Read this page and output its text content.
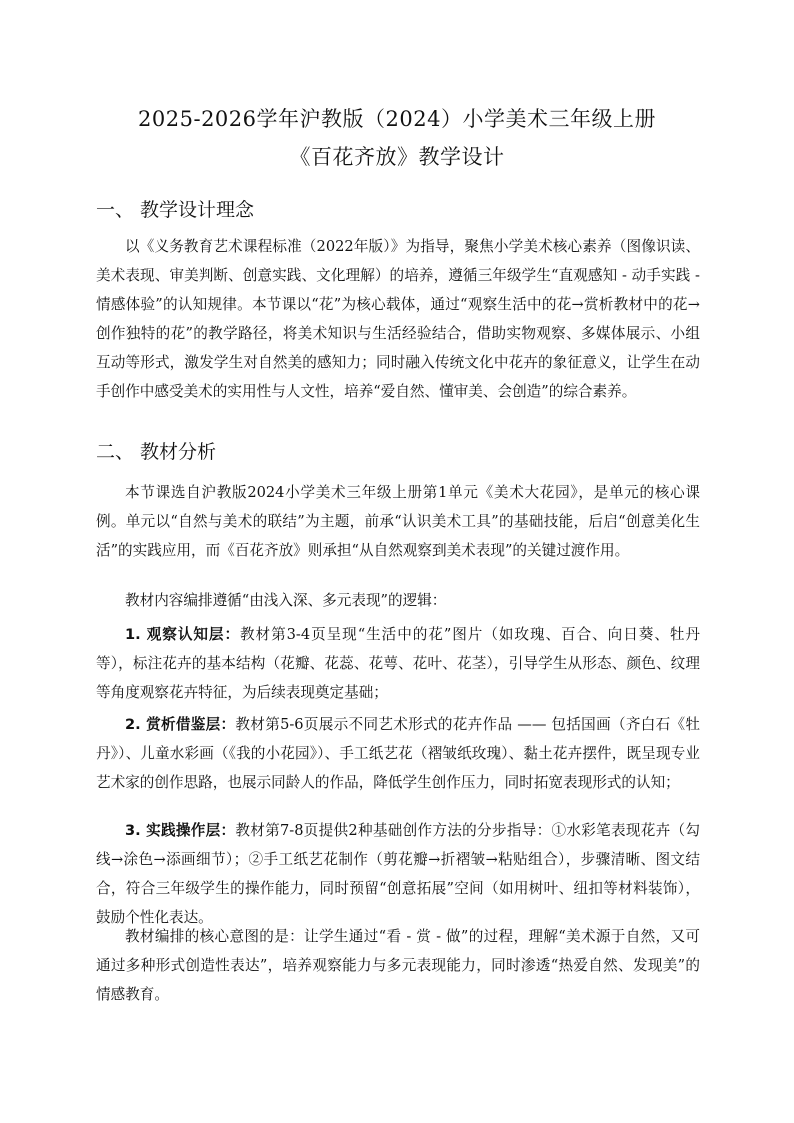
2025-2026学年沪教版（2024）小学美术三年级上册
《百花齐放》教学设计
一、 教学设计理念
以《义务教育艺术课程标准（2022年版）》为指导，聚焦小学美术核心素养（图像识读、美术表现、审美判断、创意实践、文化理解）的培养，遵循三年级学生“直观感知 - 动手实践 - 情感体验”的认知规律。本节课以“花”为核心载体，通过“观察生活中的花→赏析教材中的花→创作独特的花”的教学路径，将美术知识与生活经验结合，借助实物观察、多媒体展示、小组互动等形式，激发学生对自然美的感知力；同时融入传统文化中花卉的象征意义，让学生在动手创作中感受美术的实用性与人文性，培养“爱自然、懂审美、会创造”的综合素养。
二、 教材分析
本节课选自沪教版2024小学美术三年级上册第1单元《美术大花园》，是单元的核心课例。单元以“自然与美术的联结”为主题，前承“认识美术工具”的基础技能，后启“创意美化生活”的实践应用，而《百花齐放》则承担“从自然观察到美术表现”的关键过渡作用。
教材内容编排遵循“由浅入深、多元表现”的逻辑：
1. 观察认知层：教材第3-4页呈现“生活中的花”图片（如玫瑰、百合、向日葵、牡丹等），标注花卉的基本结构（花瓣、花蕊、花萼、花叶、花茎），引导学生从形态、颜色、纹理等角度观察花卉特征，为后续表现奠定基础；
2. 赏析借鉴层：教材第5-6页展示不同艺术形式的花卉作品 —— 包括国画（齐白石《牡丹》）、儿童水彩画（《我的小花园》）、手工纸艺花（褶皱纸玫瑰）、黏土花卉摆件，既呈现专业艺术家的创作思路，也展示同龄人的作品，降低学生创作压力，同时拓宽表现形式的认知；
3. 实践操作层：教材第7-8页提供2种基础创作方法的分步指导：①水彩笔表现花卉（勾线→涂色→添画细节）；②手工纸艺花制作（剪花瓣→折褶皱→粘贴组合），步骤清晰、图文结合，符合三年级学生的操作能力，同时预留“创意拓展”空间（如用树叶、纽扣等材料装饰），鼓励个性化表达。
教材编排的核心意图的是：让学生通过“看 - 赏 - 做”的过程，理解“美术源于自然，又可通过多种形式创造性表达”，培养观察能力与多元表现能力，同时渗透“热爱自然、发现美”的情感教育。
